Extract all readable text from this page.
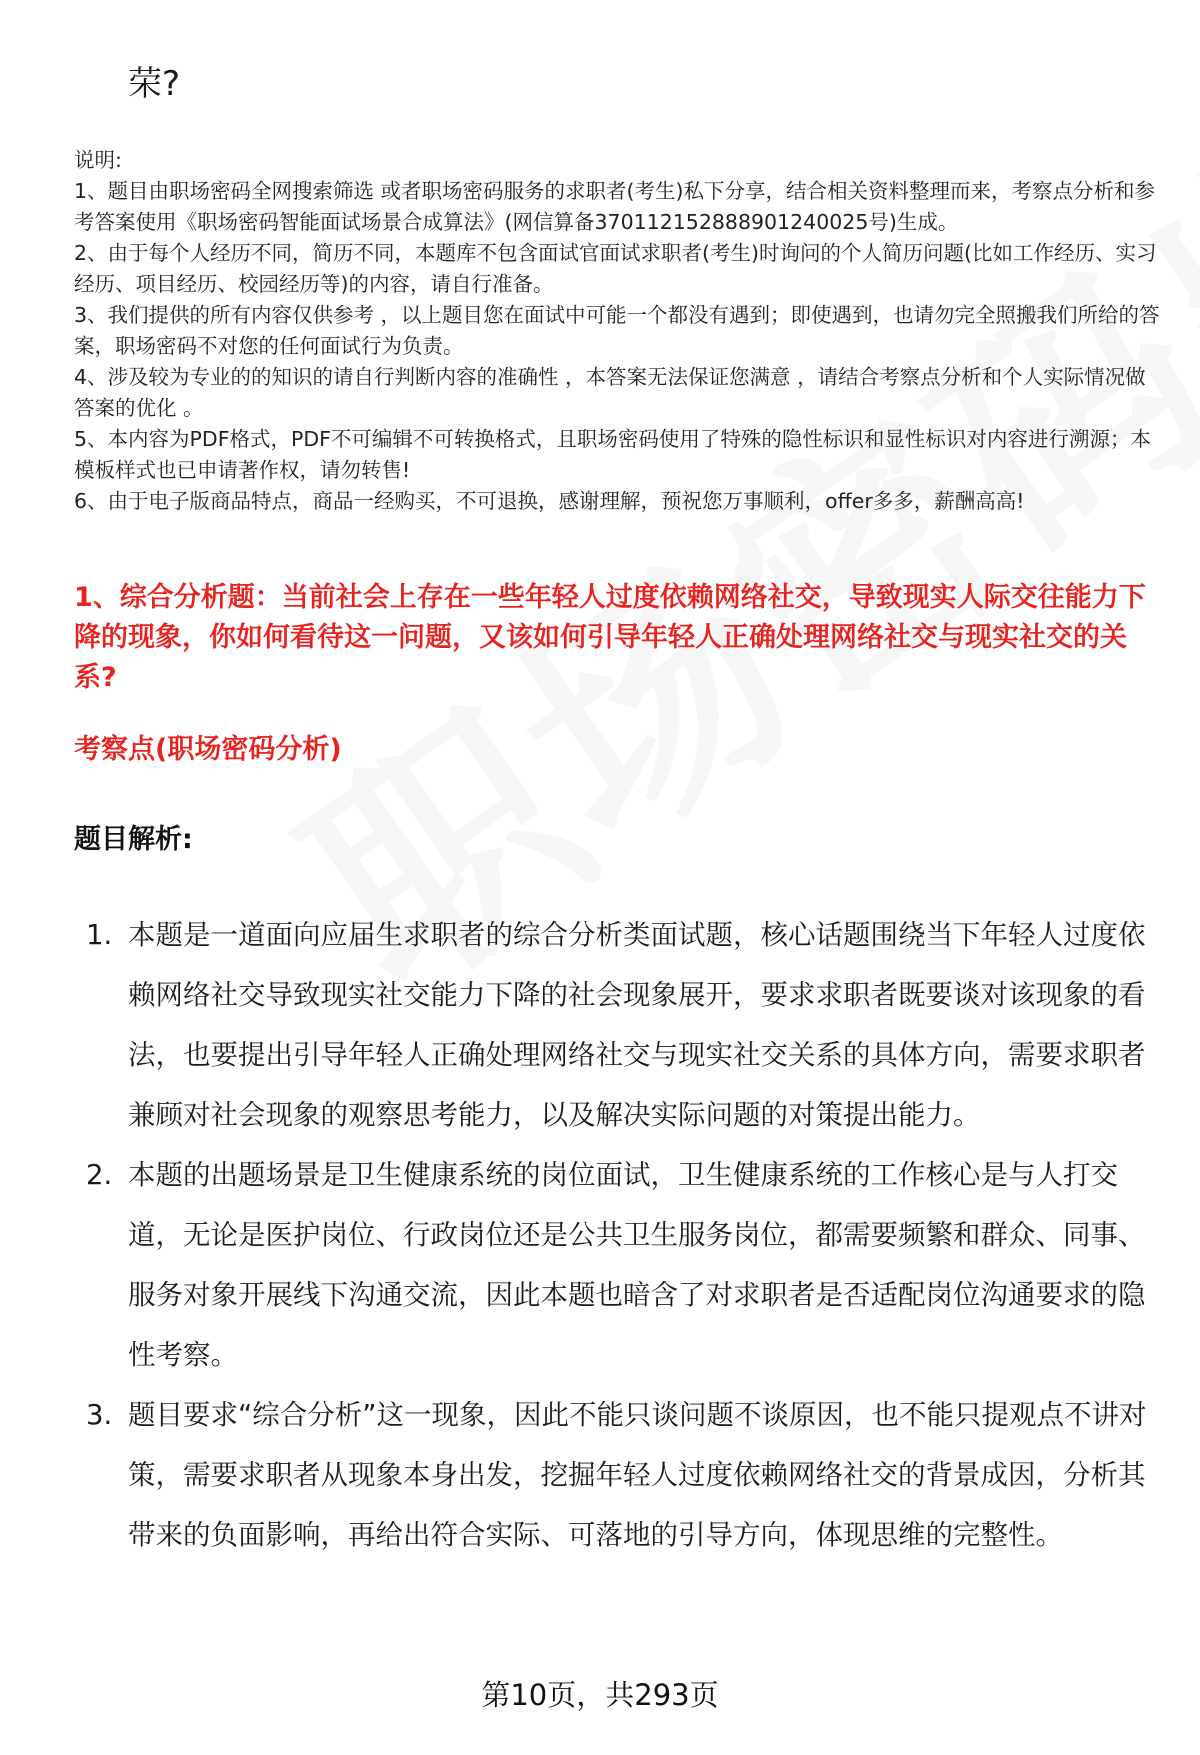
荣?

说明:

1、题目由职场密码全网搜索筛选 或者职场密码服务的求职者(考生)私下分享，结合相关资料整理而来，考察点分析和参考答案使用《职场密码智能面试场景合成算法》(网信算备370112152888901240025号)生成。

2、由于每个人经历不同，简历不同，本题库不包含面试官面试求职者(考生)时询问的个人简历问题(比如工作经历、实习经历、项目经历、校园经历等)的内容，请自行准备。

3、我们提供的所有内容仅供参考 ，以上题目您在面试中可能一个都没有遇到；即使遇到，也请勿完全照搬我们所给的答案，职场密码不对您的任何面试行为负责。

4、涉及较为专业的的知识的请自行判断内容的准确性 ，本答案无法保证您满意 ，请结合考察点分析和个人实际情况做答案的优化 。

5、本内容为PDF格式，PDF不可编辑不可转换格式，且职场密码使用了特殊的隐性标识和显性标识对内容进行溯源；本模板样式也已申请著作权，请勿转售!

6、由于电子版商品特点，商品一经购买，不可退换，感谢理解，预祝您万事顺利，offer多多，薪酬高高!

1、综合分析题：当前社会上存在一些年轻人过度依赖网络社交，导致现实人际交往能力下降的现象，你如何看待这一问题，又该如何引导年轻人正确处理网络社交与现实社交的关系?
考察点(职场密码分析)
题目解析:
1. 本题是一道面向应届生求职者的综合分析类面试题，核心话题围绕当下年轻人过度依赖网络社交导致现实社交能力下降的社会现象展开，要求求职者既要谈对该现象的看法，也要提出引导年轻人正确处理网络社交与现实社交关系的具体方向，需要求职者兼顾对社会现象的观察思考能力，以及解决实际问题的对策提出能力。
2. 本题的出题场景是卫生健康系统的岗位面试，卫生健康系统的工作核心是与人打交道，无论是医护岗位、行政岗位还是公共卫生服务岗位，都需要频繁和群众、同事、服务对象开展线下沟通交流，因此本题也暗含了对求职者是否适配岗位沟通要求的隐性考察。
3. 题目要求“综合分析”这一现象，因此不能只谈问题不谈原因，也不能只提观点不讲对策，需要求职者从现象本身出发，挖掘年轻人过度依赖网络社交的背景成因，分析其带来的负面影响，再给出符合实际、可落地的引导方向，体现思维的完整性。
第10页，共293页
